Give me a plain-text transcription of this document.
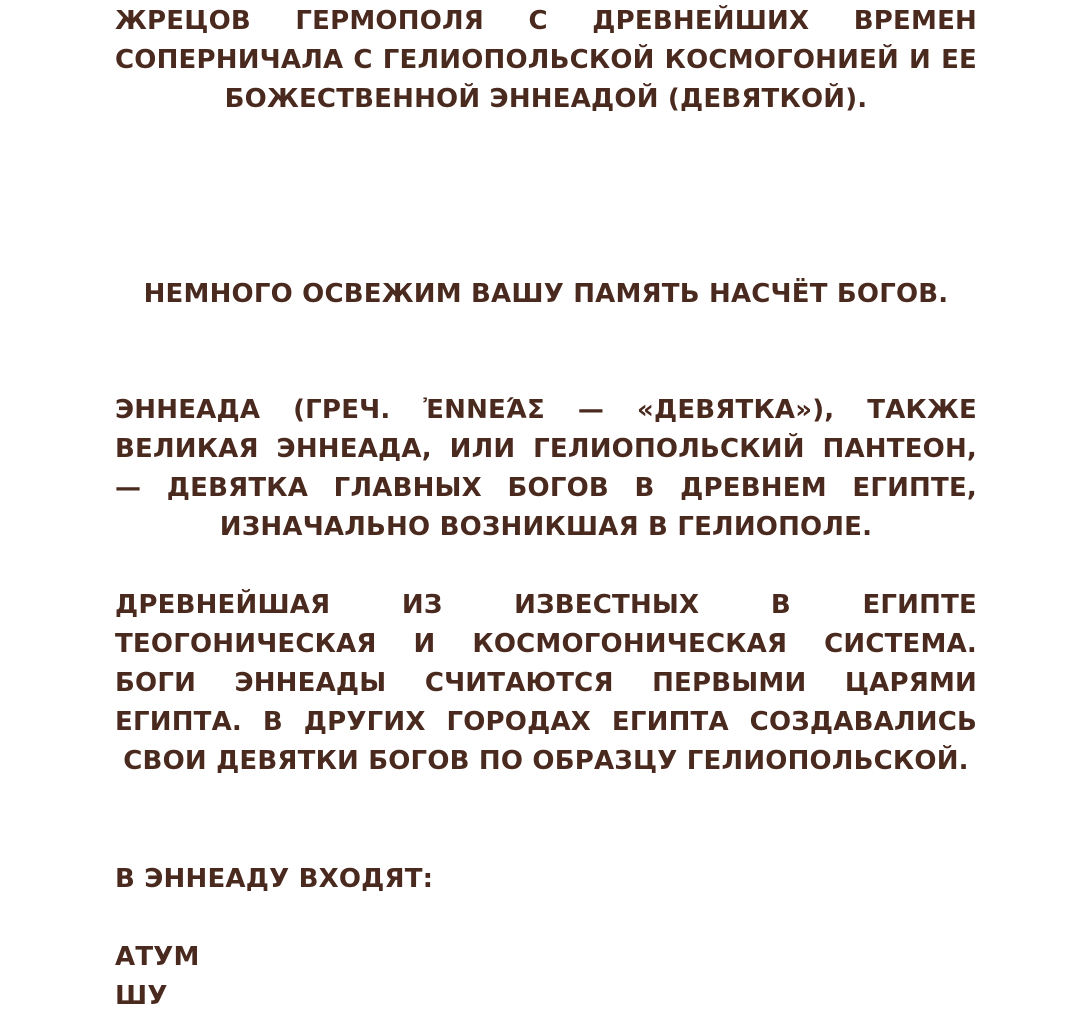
ЖРЕЦОВ ГЕРМОПОЛЯ С ДРЕВНЕЙШИХ ВРЕМЕН СОПЕРНИЧАЛА С ГЕЛИОПОЛЬСКОЙ КОСМОГОНИЕЙ И ЕЕ БОЖЕСТВЕННОЙ ЭННЕАДОЙ (ДЕВЯТКОЙ).

НЕМНОГО ОСВЕЖИМ ВАШУ ПАМЯТЬ НАСЧЁТ БОГОВ.

ЭННЕАДА (ГРЕЧ. ἘΝΝΕΆΣ — «ДЕВЯТКА»), ТАКЖЕ ВЕЛИКАЯ ЭННЕАДА, ИЛИ ГЕЛИОПОЛЬСКИЙ ПАНТЕОН, — ДЕВЯТКА ГЛАВНЫХ БОГОВ В ДРЕВНЕМ ЕГИПТЕ, ИЗНАЧАЛЬНО ВОЗНИКШАЯ В ГЕЛИОПОЛЕ.

ДРЕВНЕЙШАЯ ИЗ ИЗВЕСТНЫХ В ЕГИПТЕ ТЕОГОНИЧЕСКАЯ И КОСМОГОНИЧЕСКАЯ СИСТЕМА. БОГИ ЭННЕАДЫ СЧИТАЮТСЯ ПЕРВЫМИ ЦАРЯМИ ЕГИПТА. В ДРУГИХ ГОРОДАХ ЕГИПТА СОЗДАВАЛИСЬ СВОИ ДЕВЯТКИ БОГОВ ПО ОБРАЗЦУ ГЕЛИОПОЛЬСКОЙ.

В ЭННЕАДУ ВХОДЯТ:

АТУМ
ШУ
